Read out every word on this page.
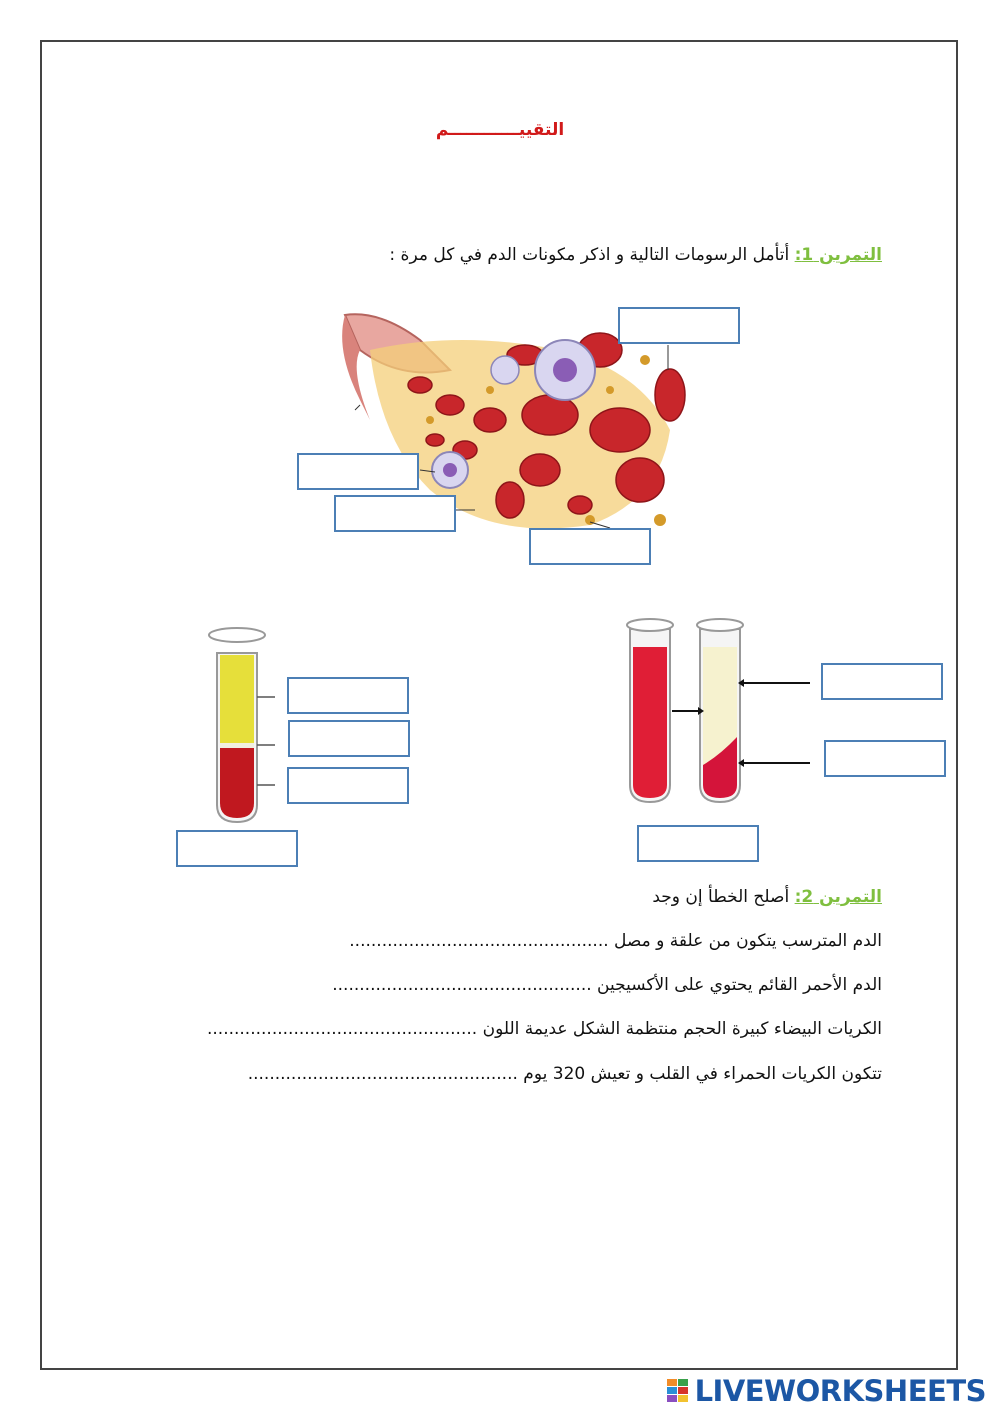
التقييــــــــــــم
التمرين 1: أتأمل الرسومات التالية و اذكر مكونات الدم في كل مرة :
التمرين 2: أصلح الخطأ إن وجد
الدم المترسب يتكون من علقة و مصل ................................................
الدم الأحمر القائم يحتوي على الأكسيجين ................................................
الكريات البيضاء كبيرة الحجم منتظمة الشكل عديمة اللون ..................................................
تتكون الكريات الحمراء في القلب و تعيش 320 يوم ..................................................
LIVEWORKSHEETS
